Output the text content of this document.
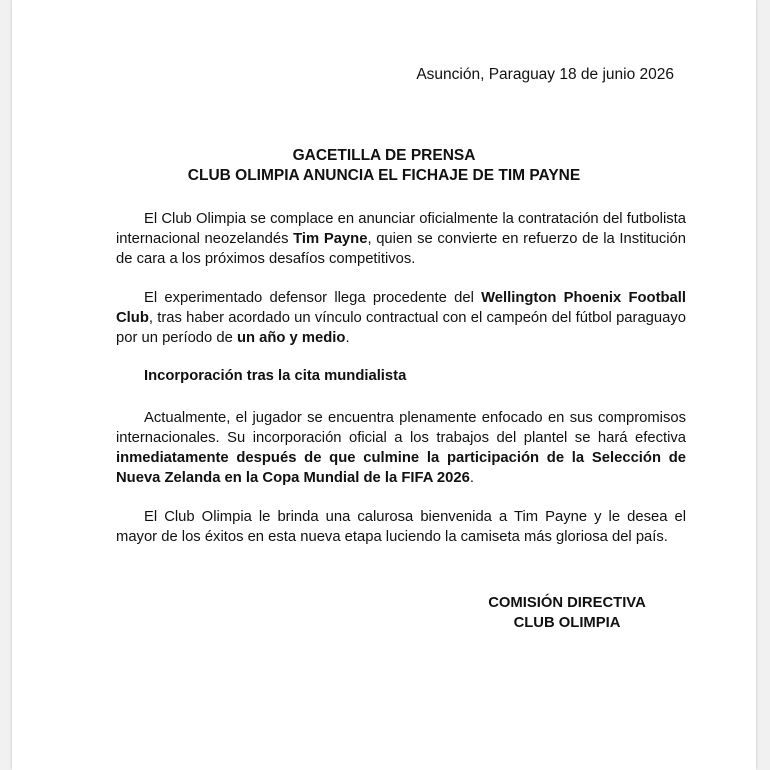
Asunción, Paraguay 18 de junio 2026
GACETILLA DE PRENSA
CLUB OLIMPIA ANUNCIA EL FICHAJE DE TIM PAYNE
El Club Olimpia se complace en anunciar oficialmente la contratación del futbolista internacional neozelandés Tim Payne, quien se convierte en refuerzo de la Institución de cara a los próximos desafíos competitivos.
El experimentado defensor llega procedente del Wellington Phoenix Football Club, tras haber acordado un vínculo contractual con el campeón del fútbol paraguayo por un período de un año y medio.
Incorporación tras la cita mundialista
Actualmente, el jugador se encuentra plenamente enfocado en sus compromisos internacionales. Su incorporación oficial a los trabajos del plantel se hará efectiva inmediatamente después de que culmine la participación de la Selección de Nueva Zelanda en la Copa Mundial de la FIFA 2026.
El Club Olimpia le brinda una calurosa bienvenida a Tim Payne y le desea el mayor de los éxitos en esta nueva etapa luciendo la camiseta más gloriosa del país.
COMISIÓN DIRECTIVA
CLUB OLIMPIA
